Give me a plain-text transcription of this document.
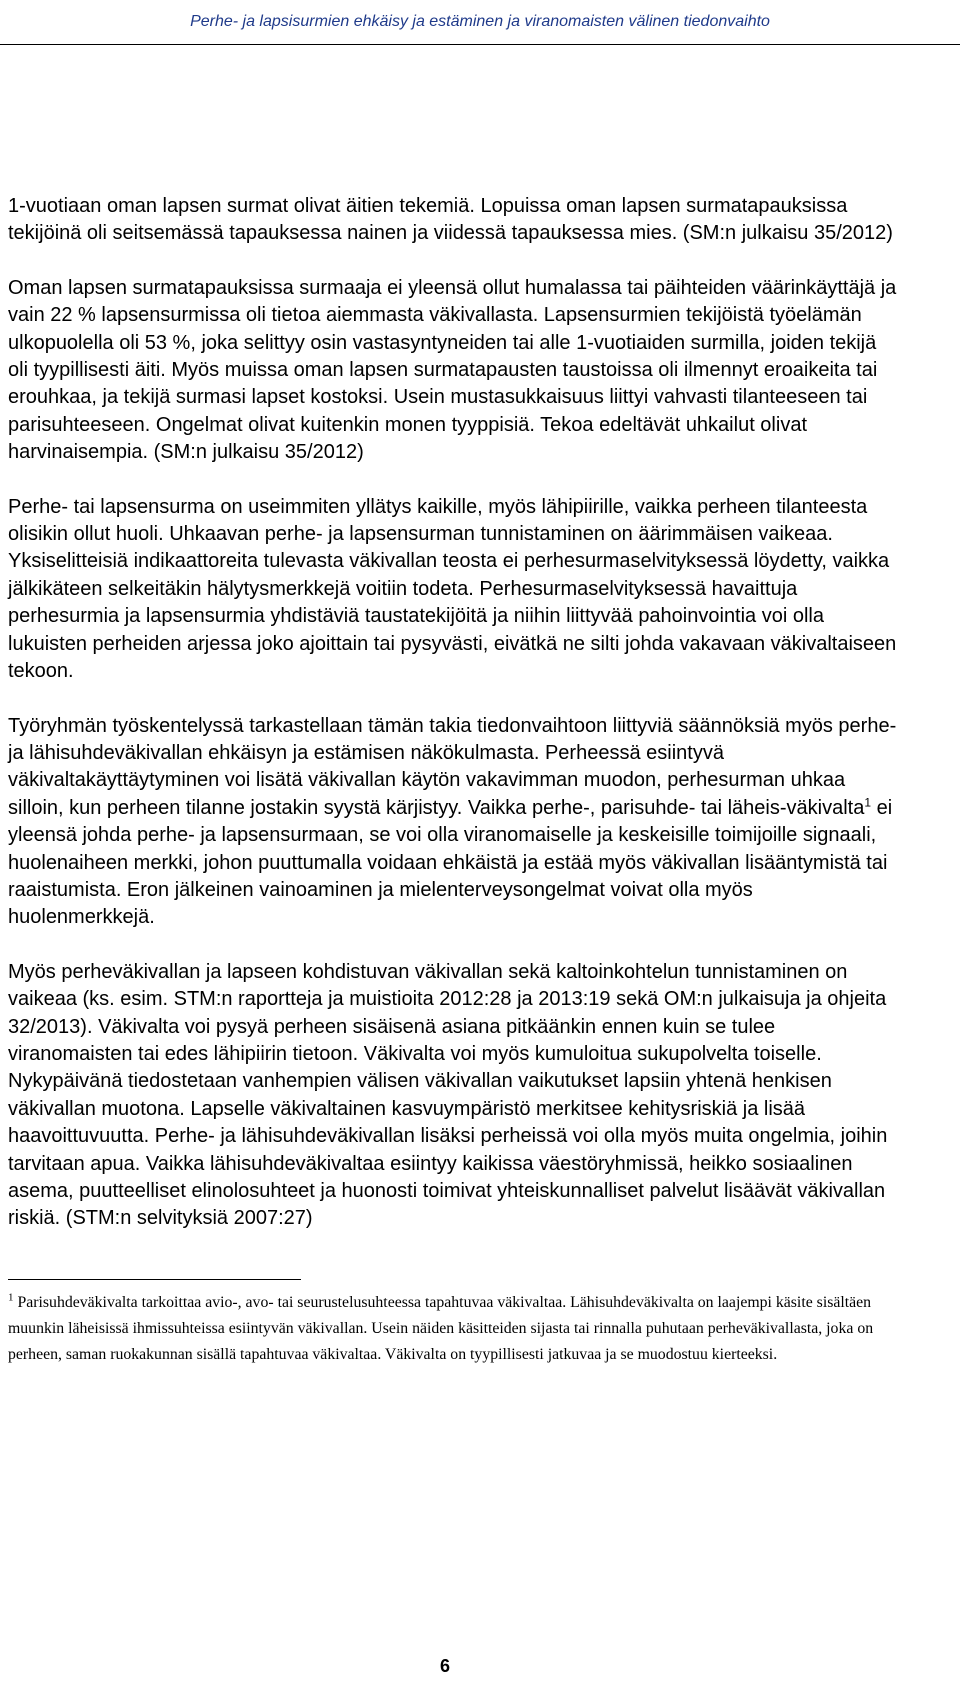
Perhe- ja lapsisurmien ehkäisy ja estäminen ja viranomaisten välinen tiedonvaihto

1-vuotiaan oman lapsen surmat olivat äitien tekemiä. Lopuissa oman lapsen surmatapauksissa tekijöinä oli seitsemässä tapauksessa nainen ja viidessä tapauksessa mies. (SM:n julkaisu 35/2012)

Oman lapsen surmatapauksissa surmaaja ei yleensä ollut humalassa tai päihteiden väärinkäyttäjä ja vain 22 % lapsensurmissa oli tietoa aiemmasta väkivallasta. Lapsensurmien tekijöistä työelämän ulkopuolella oli 53 %, joka selittyy osin vastasyntyneiden tai alle 1-vuotiaiden surmilla, joiden tekijä oli tyypillisesti äiti. Myös muissa oman lapsen surmatapausten taustoissa oli ilmennyt eroaikeita tai erouhkaa, ja tekijä surmasi lapset kostoksi. Usein mustasukkaisuus liittyi vahvasti tilanteeseen tai parisuhteeseen. Ongelmat olivat kuitenkin monen tyyppisiä. Tekoa edeltävät uhkailut olivat harvinaisempia. (SM:n julkaisu 35/2012)

Perhe- tai lapsensurma on useimmiten yllätys kaikille, myös lähipiirille, vaikka perheen tilanteesta olisikin ollut huoli. Uhkaavan perhe- ja lapsensurman tunnistaminen on äärimmäisen vaikeaa. Yksiselitteisiä indikaattoreita tulevasta väkivallan teosta ei perhesurmaselvityksessä löydetty, vaikka jälkikäteen selkeitäkin hälytysmerkkejä voitiin todeta. Perhesurmaselvityksessä havaittuja perhesurmia ja lapsensurmia yhdistäviä taustatekijöitä ja niihin liittyvää pahoinvointia voi olla lukuisten perheiden arjessa joko ajoittain tai pysyvästi, eivätkä ne silti johda vakavaan väkivaltaiseen tekoon.

Työryhmän työskentelyssä tarkastellaan tämän takia tiedonvaihtoon liittyviä säännöksiä myös perhe- ja lähisuhdeväkivallan ehkäisyn ja estämisen näkökulmasta. Perheessä esiintyvä väkivaltakäyttäytyminen voi lisätä väkivallan käytön vakavimman muodon, perhesurman uhkaa silloin, kun perheen tilanne jostakin syystä kärjistyy. Vaikka perhe-, parisuhde- tai läheis-väkivalta$^1$ ei yleensä johda perhe- ja lapsensurmaan, se voi olla viranomaiselle ja keskeisille toimijoille signaali, huolenaiheen merkki, johon puuttumalla voidaan ehkäistä ja estää myös väkivallan lisääntymistä tai raaistumista. Eron jälkeinen vainoaminen ja mielenterveysongelmat voivat olla myös huolenmerkkejä.

Myös perheväkivallan ja lapseen kohdistuvan väkivallan sekä kaltoinkohtelun tunnistaminen on vaikeaa (ks. esim. STM:n raportteja ja muistioita 2012:28 ja 2013:19 sekä OM:n julkaisuja ja ohjeita 32/2013). Väkivalta voi pysyä perheen sisäisenä asiana pitkäänkin ennen kuin se tulee viranomaisten tai edes lähipiirin tietoon. Väkivalta voi myös kumuloitua sukupolvelta toiselle. Nykypäivänä tiedostetaan vanhempien välisen väkivallan vaikutukset lapsiin yhtenä henkisen väkivallan muotona. Lapselle väkivaltainen kasvuympäristö merkitsee kehitysriskiä ja lisää haavoittuvuutta. Perhe- ja lähisuhdeväkivallan lisäksi perheissä voi olla myös muita ongelmia, joihin tarvitaan apua. Vaikka lähisuhdeväkivaltaa esiintyy kaikissa väestöryhmissä, heikko sosiaalinen asema, puutteelliset elinolosuhteet ja huonosti toimivat yhteiskunnalliset palvelut lisäävät väkivallan riskiä. (STM:n selvityksiä 2007:27)

$^1$ Parisuhdeväkivalta tarkoittaa avio-, avo- tai seurustelusuhteessa tapahtuvaa väkivaltaa. Lähisuhdeväkivalta on laajempi käsite sisältäen muunkin läheisissä ihmissuhteissa esiintyvän väkivallan. Usein näiden käsitteiden sijasta tai rinnalla puhutaan perheväkivallasta, joka on perheen, saman ruokakunnan sisällä tapahtuvaa väkivaltaa. Väkivalta on tyypillisesti jatkuvaa ja se muodostuu kierteeksi.
6
